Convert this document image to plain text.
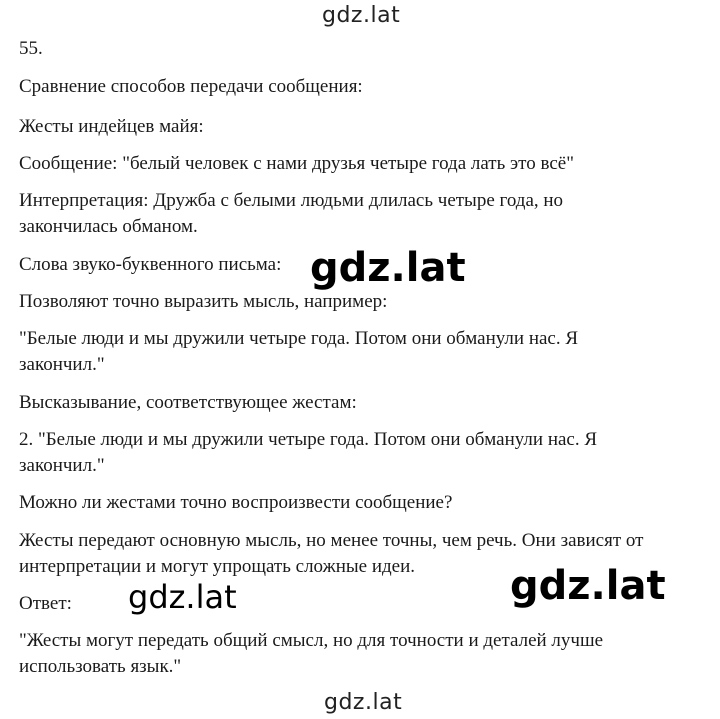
gdz.lat
55.
Сравнение способов передачи сообщения:
Жесты индейцев майя:
Сообщение: "белый человек с нами друзья четыре года лать это всё"
Интерпретация: Дружба с белыми людьми длилась четыре года, но
закончилась обманом.
Слова звуко-буквенного письма:
Позволяют точно выразить мысль, например:
"Белые люди и мы дружили четыре года. Потом они обманули нас. Я
закончил."
Высказывание, соответствующее жестам:
2. "Белые люди и мы дружили четыре года. Потом они обманули нас. Я
закончил."
Можно ли жестами точно воспроизвести сообщение?
Жесты передают основную мысль, но менее точны, чем речь. Они зависят от
интерпретации и могут упрощать сложные идеи.
Ответ:
"Жесты могут передать общий смысл, но для точности и деталей лучше
использовать язык."
gdz.lat
gdz.lat	gdz.lat
gdz.lat
